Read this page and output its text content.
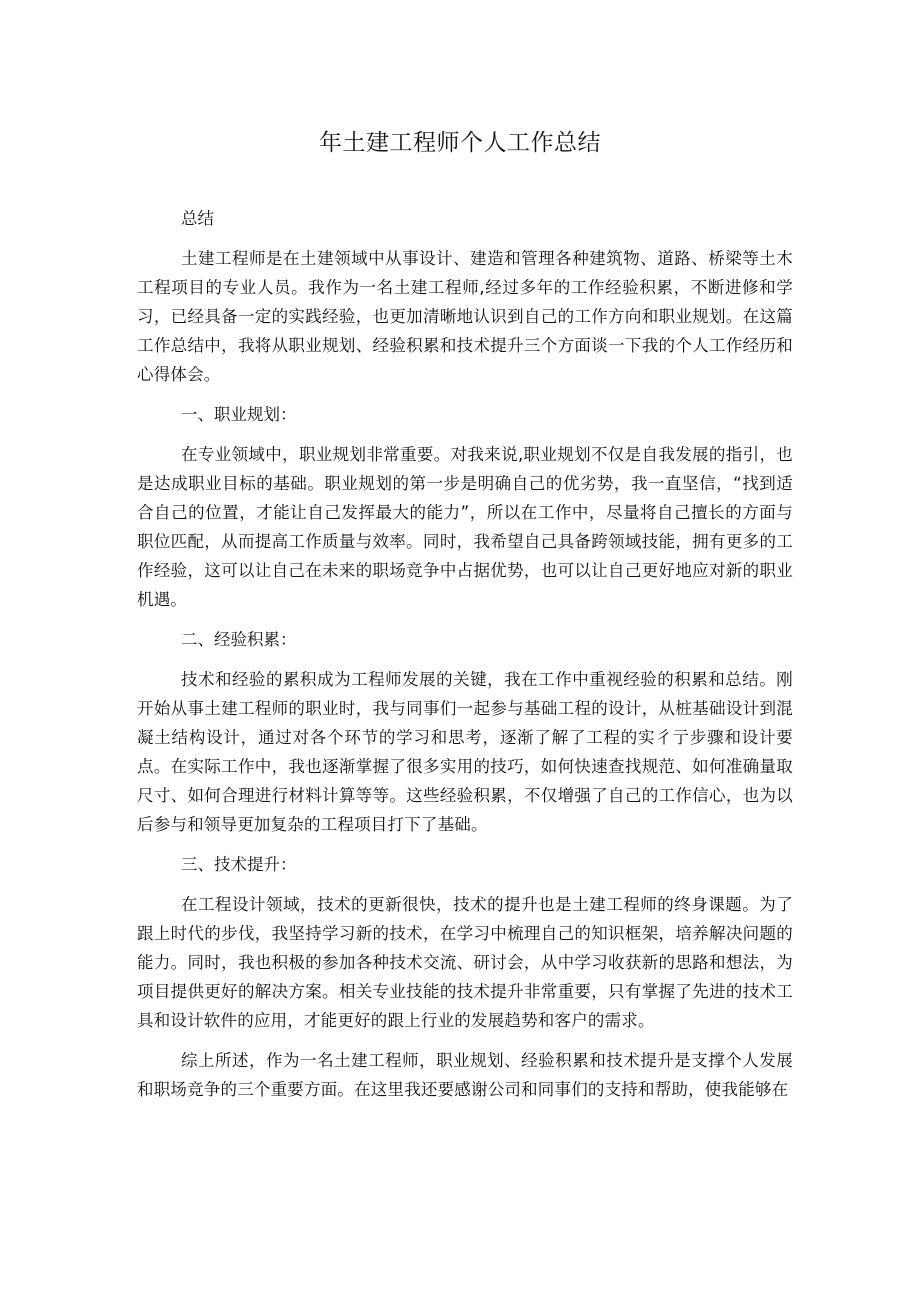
年土建工程师个人工作总结

总结

土建工程师是在土建领域中从事设计、建造和管理各种建筑物、道路、桥梁等土木工程项目的专业人员。我作为一名土建工程师,经过多年的工作经验积累，不断进修和学习，已经具备一定的实践经验，也更加清晰地认识到自己的工作方向和职业规划。在这篇工作总结中，我将从职业规划、经验积累和技术提升三个方面谈一下我的个人工作经历和心得体会。

一、职业规划：

在专业领域中，职业规划非常重要。对我来说,职业规划不仅是自我发展的指引，也是达成职业目标的基础。职业规划的第一步是明确自己的优劣势，我一直坚信，“找到适合自己的位置，才能让自己发挥最大的能力”，所以在工作中，尽量将自己擅长的方面与职位匹配，从而提高工作质量与效率。同时，我希望自己具备跨领域技能，拥有更多的工作经验，这可以让自己在未来的职场竞争中占据优势，也可以让自己更好地应对新的职业机遇。

二、经验积累：

技术和经验的累积成为工程师发展的关键，我在工作中重视经验的积累和总结。刚开始从事土建工程师的职业时，我与同事们一起参与基础工程的设计，从桩基础设计到混凝土结构设计，通过对各个环节的学习和思考，逐渐了解了工程的实彳亍步骤和设计要点。在实际工作中，我也逐渐掌握了很多实用的技巧，如何快速查找规范、如何准确量取尺寸、如何合理进行材料计算等等。这些经验积累，不仅增强了自己的工作信心，也为以后参与和领导更加复杂的工程项目打下了基础。

三、技术提升：

在工程设计领域，技术的更新很快，技术的提升也是土建工程师的终身课题。为了跟上时代的步伐，我坚持学习新的技术，在学习中梳理自己的知识框架，培养解决问题的能力。同时，我也积极的参加各种技术交流、研讨会，从中学习收获新的思路和想法，为项目提供更好的解决方案。相关专业技能的技术提升非常重要，只有掌握了先进的技术工具和设计软件的应用，才能更好的跟上行业的发展趋势和客户的需求。

综上所述，作为一名土建工程师，职业规划、经验积累和技术提升是支撑个人发展和职场竞争的三个重要方面。在这里我还要感谢公司和同事们的支持和帮助，使我能够在
